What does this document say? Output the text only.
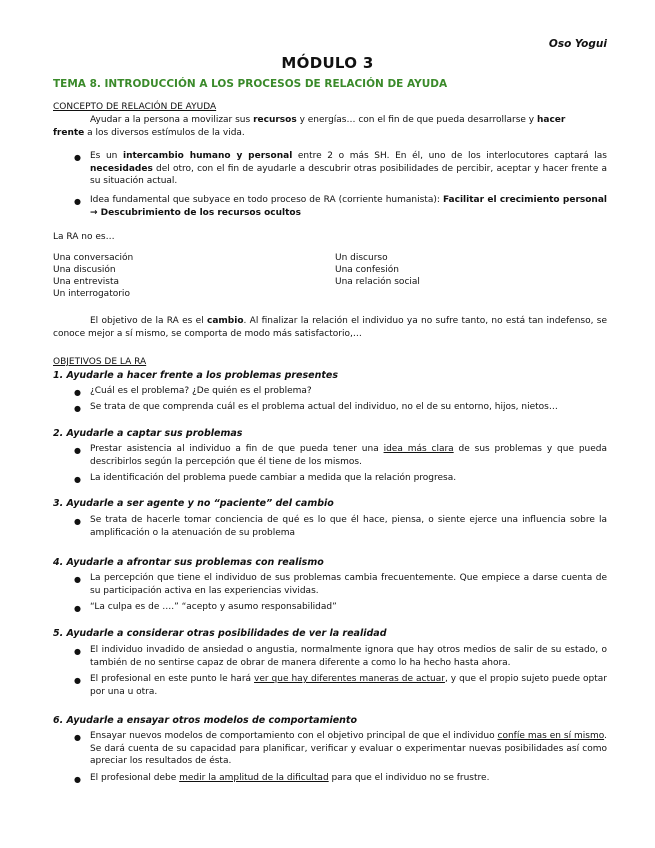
Oso Yogui
MÓDULO 3
TEMA 8. INTRODUCCIÓN A LOS PROCESOS DE RELACIÓN DE AYUDA
CONCEPTO DE RELACIÓN DE AYUDA
Ayudar a la persona a movilizar sus recursos y energías… con el fin de que pueda desarrollarse y hacer
frente a los diversos estímulos de la vida.
● Es un intercambio humano y personal entre 2 o más SH. En él, uno de los interlocutores captará las necesidades del otro, con el fin de ayudarle a descubrir otras posibilidades de percibir, aceptar y hacer frente a su situación actual.
● Idea fundamental que subyace en todo proceso de RA (corriente humanista): Facilitar el crecimiento personal → Descubrimiento de los recursos ocultos
La RA no es…
Una conversación
Una discusión
Una entrevista
Un interrogatorio
Un discurso
Una confesión
Una relación social
El objetivo de la RA es el cambio. Al finalizar la relación el individuo ya no sufre tanto, no está tan indefenso, se conoce mejor a sí mismo, se comporta de modo más satisfactorio,…
OBJETIVOS DE LA RA
1. Ayudarle a hacer frente a los problemas presentes
● ¿Cuál es el problema? ¿De quién es el problema?
● Se trata de que comprenda cuál es el problema actual del individuo, no el de su entorno, hijos, nietos…
2. Ayudarle a captar sus problemas
● Prestar asistencia al individuo a fin de que pueda tener una idea más clara de sus problemas y que pueda describirlos según la percepción que él tiene de los mismos.
● La identificación del problema puede cambiar a medida que la relación progresa.
3. Ayudarle a ser agente y no “paciente” del cambio
● Se trata de hacerle tomar conciencia de qué es lo que él hace, piensa, o siente ejerce una influencia sobre la amplificación o la atenuación de su problema
4. Ayudarle a afrontar sus problemas con realismo
● La percepción que tiene el individuo de sus problemas cambia frecuentemente. Que empiece a darse cuenta de su participación activa en las experiencias vividas.
● “La culpa es de ….” “acepto y asumo responsabilidad”
5. Ayudarle a considerar otras posibilidades de ver la realidad
● El individuo invadido de ansiedad o angustia, normalmente ignora que hay otros medios de salir de su estado, o también de no sentirse capaz de obrar de manera diferente a como lo ha hecho hasta ahora.
● El profesional en este punto le hará ver que hay diferentes maneras de actuar, y que el propio sujeto puede optar por una u otra.
6. Ayudarle a ensayar otros modelos de comportamiento
● Ensayar nuevos modelos de comportamiento con el objetivo principal de que el individuo confíe mas en sí mismo. Se dará cuenta de su capacidad para planificar, verificar y evaluar o experimentar nuevas posibilidades así como apreciar los resultados de ésta.
● El profesional debe medir la amplitud de la dificultad para que el individuo no se frustre.
